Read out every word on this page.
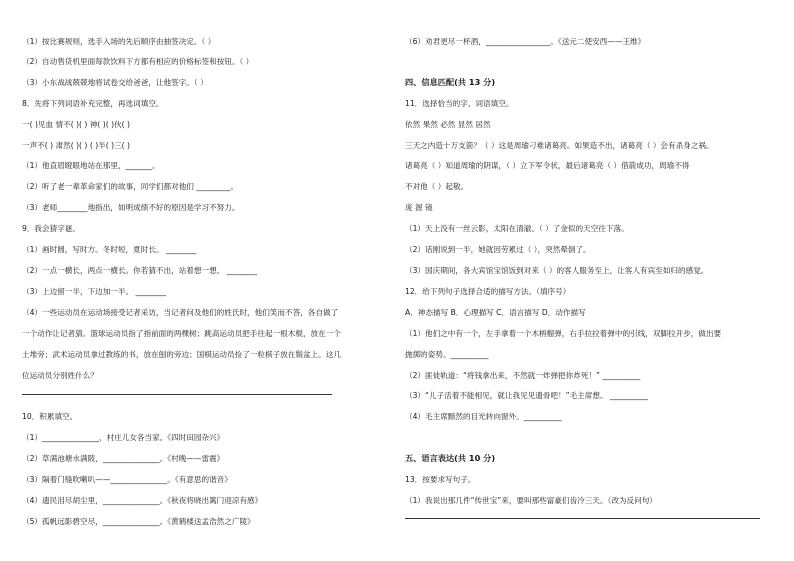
（1）按比赛规则，选手入场的先后顺序由抽签决定。（ ）
（2）自动售货机里面每款饮料下方都有相应的价格标签和按钮。（ ）
（3）小东战战兢兢地将试卷交给爸爸，让他签字。（ ）
8．先将下列词语补充完整，再选词填空。
一( )见血 情不( )( ) 神( )( )伙( )
一声不( ) 肃然( )( ) ( )半( )三( )
（1）他直眉瞪眼地站在那里，_______。
（2）听了老一辈革命家们的故事，同学们都对他们 _________。
（3）老师________地指出，如明成绩不好的原因是学习不努力。
9．我会猜字谜。
（1）画时圆，写时方。冬时短，夏时长。 ________
（2）一点一横长，两点一横长。你若猜不出，站着想一想。 ________
（3）上边留一半，下边加一半。 ________
（4）一些运动员在运动场接受记者采访，当记者问及他们的姓氏时，他们笑而不答，各自做了
一个动作让记者猜。篮球运动员指了指前面的两棵树；跳高运动员把手往起一根木棍，放在一个
土堆旁；武术运动员拿过教练的书，放在刨的旁边；国棋运动员捡了一粒棋子放在鬓盆上。这几
位运动员分别姓什么？
10．积累填空。
（1）_______________，村庄儿女各当家。《四时田园杂兴》
（2）草满池塘水满陂，_______________。《村晚——雷震》
（3）隔着门缝吹喇叭——_______________。《有意思的谐音》
（4）遗民泪尽胡尘里，_______________。《秋夜将晓出篱门迎凉有感》
（5）孤帆远影碧空尽，_______________。《黄鹤楼送孟浩然之广陵》
（6）劝君更尽一杯酒，_________________。《送元二使安西——王维》
四、信息匹配(共 13 分)
11．选择恰当的字、词语填空。
依然 果然 必然 显然 居然
三天之内造十万支箭？（ ）这是周瑜刁难诸葛亮。如果造不出，诸葛亮（ ）会有杀身之祸。
诸葛亮（ ）知道周瑜的阴谋，（ ）立下军令状，最后诸葛亮（ ）借箭成功，周瑜不得
不对他（ ）起敬。
庞 渥 镜
（1）天上没有一丝云影，太阳在清澈、（ ）了金似的天空往下落。
（2）话刚说到一半，她就因劳累过（ ），突然晕倒了。
（3）国庆期间，各大宾馆宝馆饭到对来（ ）的客人服务至上，让客人有宾至如归的感觉。
12．给下列句子选择合适的描写方法。（填序号）
A．神态描写 B．心理描写 C．语言描写 D．动作描写
（1）他们之中有一个，左手拿着一个木柄榴弹，右手拉拉着弹中的引线，双脚拉开步，做出要
抛掷的姿势。__________
（2）匪徒轨道：“将钱拿出来，不然就一炸弹把你炸死！” __________
（3）“儿子活着不能相见，就让我见见遗骨吧！”毛主席想。 __________
（4）毛主席黯然的目光转向窗外。__________
五、语言表达(共 10 分)
13．按要求写句子。
（1）我说出那几件“传世宝”来，要叫那些富豪们齿冷三天。（改为反问句）
